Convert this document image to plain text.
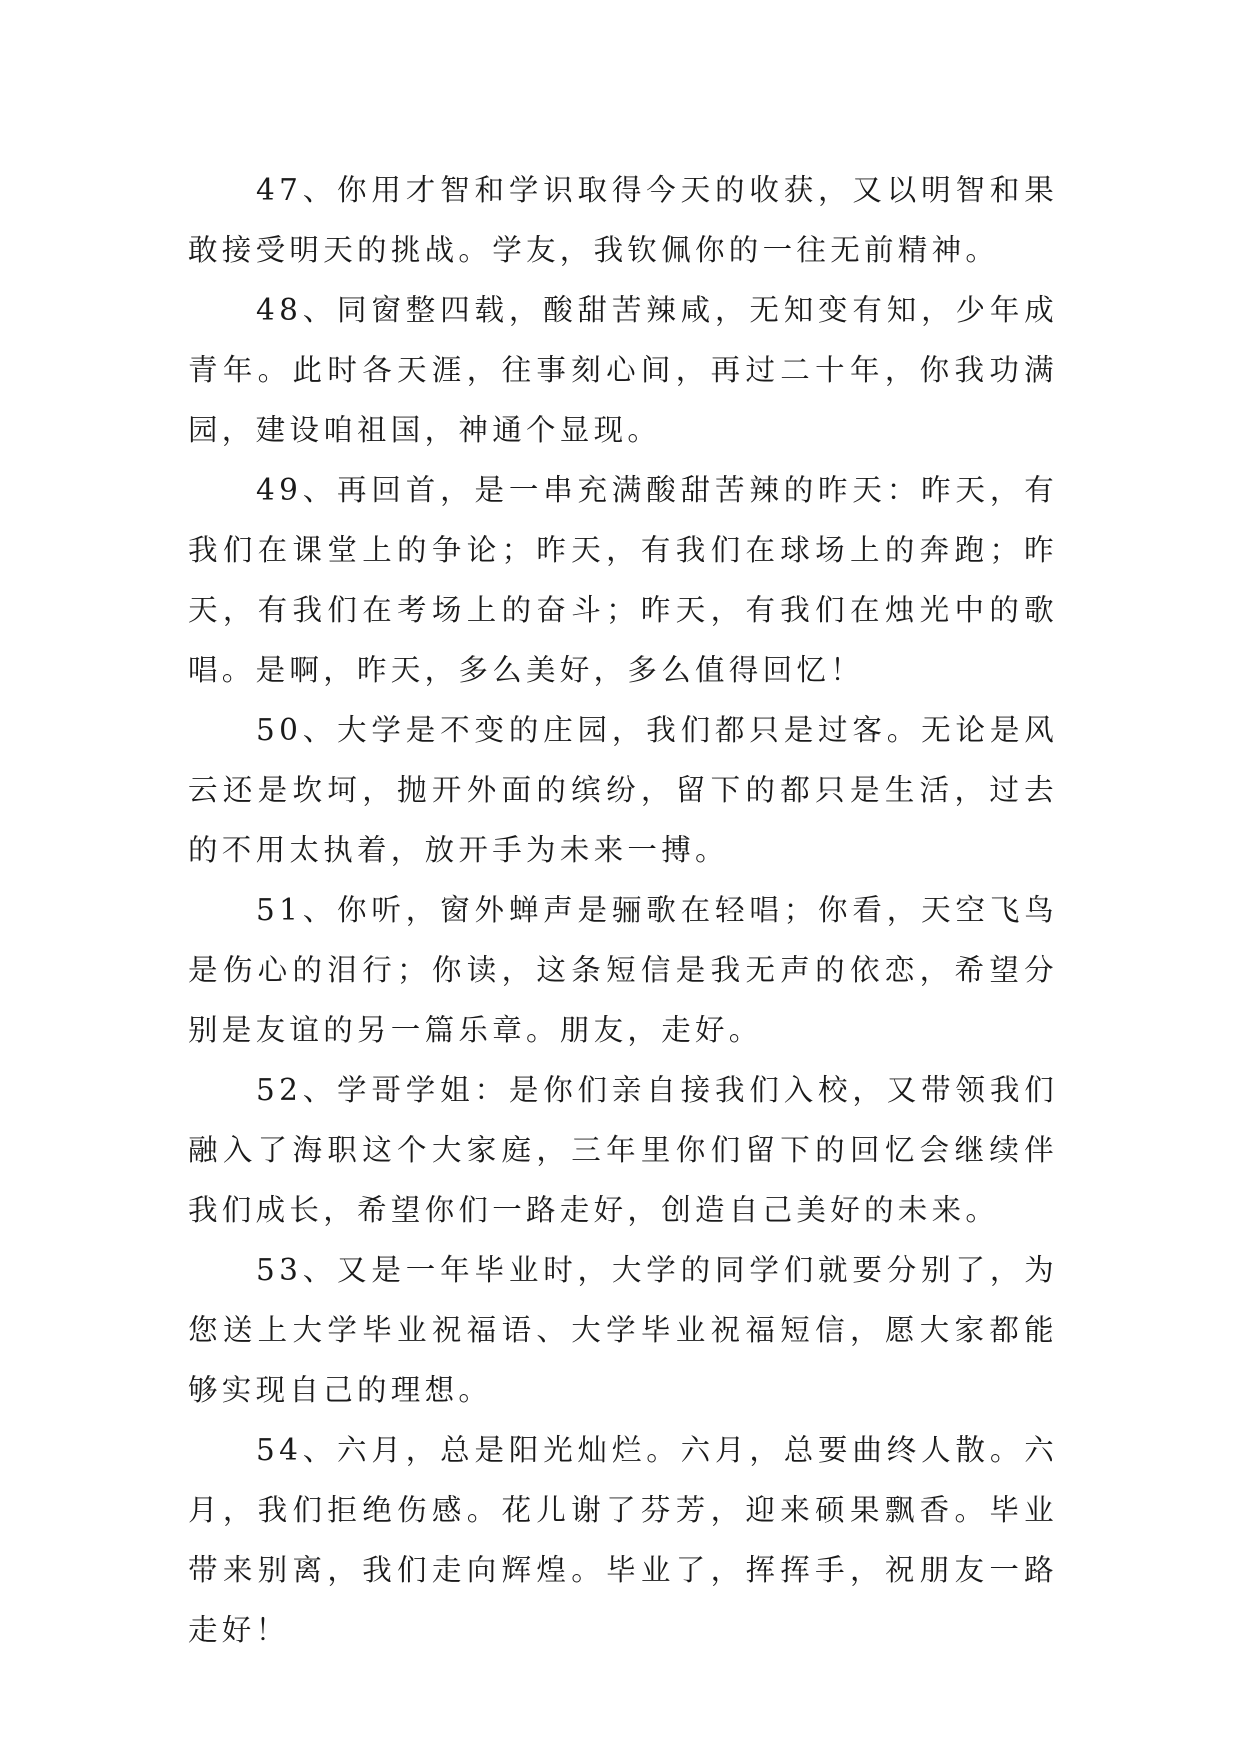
47、你用才智和学识取得今天的收获，又以明智和果敢接受明天的挑战。学友，我钦佩你的一往无前精神。

48、同窗整四载，酸甜苦辣咸，无知变有知，少年成青年。此时各天涯，往事刻心间，再过二十年，你我功满园，建设咱祖国，神通个显现。

49、再回首，是一串充满酸甜苦辣的昨天：昨天，有我们在课堂上的争论；昨天，有我们在球场上的奔跑；昨天，有我们在考场上的奋斗；昨天，有我们在烛光中的歌唱。是啊，昨天，多么美好，多么值得回忆！

50、大学是不变的庄园，我们都只是过客。无论是风云还是坎坷，抛开外面的缤纷，留下的都只是生活，过去的不用太执着，放开手为未来一搏。

51、你听，窗外蝉声是骊歌在轻唱；你看，天空飞鸟是伤心的泪行；你读，这条短信是我无声的依恋，希望分别是友谊的另一篇乐章。朋友，走好。

52、学哥学姐：是你们亲自接我们入校，又带领我们融入了海职这个大家庭，三年里你们留下的回忆会继续伴我们成长，希望你们一路走好，创造自己美好的未来。

53、又是一年毕业时，大学的同学们就要分别了，为您送上大学毕业祝福语、大学毕业祝福短信，愿大家都能够实现自己的理想。

54、六月，总是阳光灿烂。六月，总要曲终人散。六月，我们拒绝伤感。花儿谢了芬芳，迎来硕果飘香。毕业带来别离，我们走向辉煌。毕业了，挥挥手，祝朋友一路走好！
